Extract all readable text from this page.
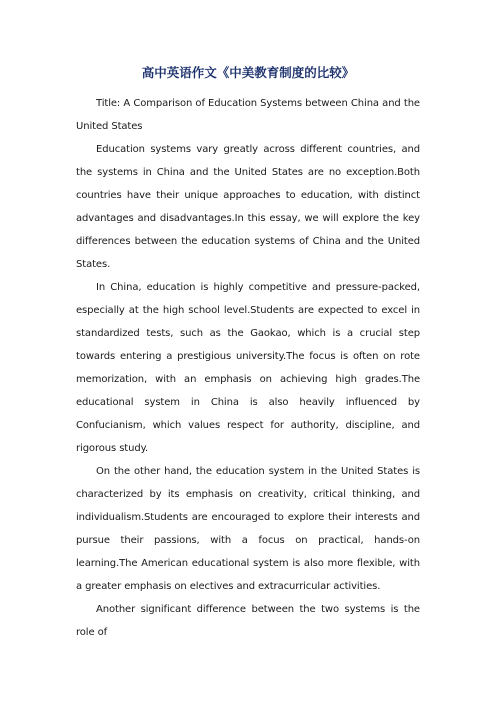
高中英语作文《中美教育制度的比较》

Title: A Comparison of Education Systems between China and the United States

Education systems vary greatly across different countries, and the systems in China and the United States are no exception.Both countries have their unique approaches to education, with distinct advantages and disadvantages.In this essay, we will explore the key differences between the education systems of China and the United States.

In China, education is highly competitive and pressure-packed, especially at the high school level.Students are expected to excel in standardized tests, such as the Gaokao, which is a crucial step towards entering a prestigious university.The focus is often on rote memorization, with an emphasis on achieving high grades.The educational system in China is also heavily influenced by Confucianism, which values respect for authority, discipline, and rigorous study.

On the other hand, the education system in the United States is characterized by its emphasis on creativity, critical thinking, and individualism.Students are encouraged to explore their interests and pursue their passions, with a focus on practical, hands-on learning.The American educational system is also more flexible, with a greater emphasis on electives and extracurricular activities.

Another significant difference between the two systems is the role of
